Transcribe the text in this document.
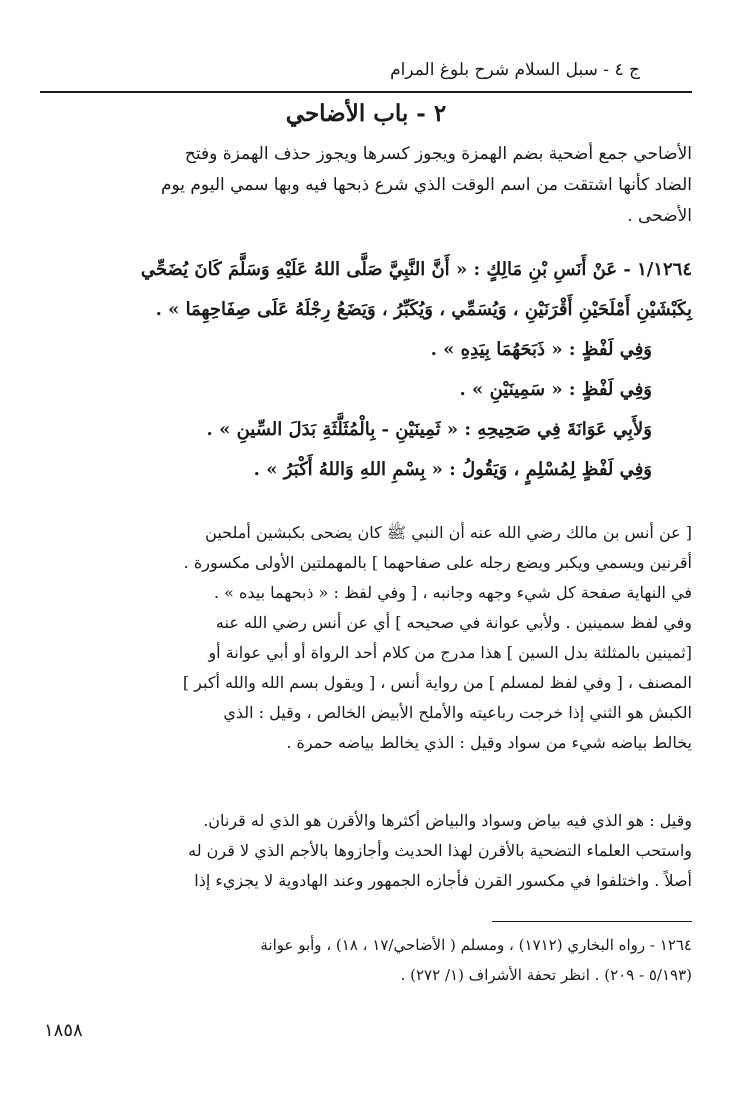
ج ٤ - سبل السلام شرح بلوغ المرام
٢ - باب الأضاحي
الأضاحي جمع أضحية بضم الهمزة ويجوز كسرها ويجوز حذف الهمزة وفتح
الضاد كأنها اشتقت من اسم الوقت الذي شرع ذبحها فيه وبها سمي اليوم يوم
الأضحى .
١/١٢٦٤ - عَنْ أَنَسِ بْنِ مَالِكٍ : « أَنَّ النَّبِيَّ صَلَّى اللهُ عَلَيْهِ وَسَلَّمَ كَانَ يُضَحِّي
بِكَبْشَيْنِ أَمْلَحَيْنِ أَقْرَنَيْنِ ، وَيُسَمِّي ، وَيُكَبِّرُ ، وَيَضَعُ رِجْلَهُ عَلَى صِفَاحِهِمَا » .
وَفِي لَفْظٍ : « ذَبَحَهُمَا بِيَدِهِ » .
وَفِي لَفْظٍ : « سَمِينَيْنِ » .
وَلأَبِي عَوَانَةَ فِي صَحِيحِهِ : « ثَمِينَيْنِ - بِالْمُثَلَّثَةِ بَدَلَ السِّينِ » .
وَفِي لَفْظٍ لِمُسْلِمٍ ، وَيَقُولُ : « بِسْمِ اللهِ وَاللهُ أَكْبَرُ » .
[ عن أنس بن مالك رضي الله عنه أن النبي ﷺ كان يضحى بكبشين أملحين
أقرنين ويسمي ويكبر ويضع رجله على صفاحهما ] بالمهملتين الأولى مكسورة .
في النهاية صفحة كل شيء وجهه وجانبه ، [ وفي لفظ : « ذبحهما بيده » .
وفي لفظ سمينين . ولأبي عوانة في صحيحه ] أي عن أنس رضي الله عنه
[ثمينين بالمثلثة بدل السين ] هذا مدرج من كلام أحد الرواة أو أبي عوانة أو
المصنف ، [ وفي لفظ لمسلم ] من رواية أنس ، [ ويقول بسم الله والله أكبر ]
الكبش هو الثني إذا خرجت رباعيته والأملح الأبيض الخالص ، وقيل : الذي
يخالط بياضه شيء من سواد وقيل : الذي يخالط بياضه حمرة .
وقيل : هو الذي فيه بياض وسواد والبياض أكثرها والأقرن هو الذي له قرنان.
واستحب العلماء التضحية بالأقرن لهذا الحديث وأجازوها بالأجم الذي لا قرن له
أصلاً . واختلفوا في مكسور القرن فأجازه الجمهور وعند الهادوية لا يجزيء إذا
١٢٦٤ - رواه البخاري (١٧١٢) ، ومسلم ( الأضاحي/١٧ ، ١٨) ، وأبو عوانة
(٥/١٩٣ - ٢٠٩) . انظر تحفة الأشراف (١/ ٢٧٢) .
١٨٥٨
